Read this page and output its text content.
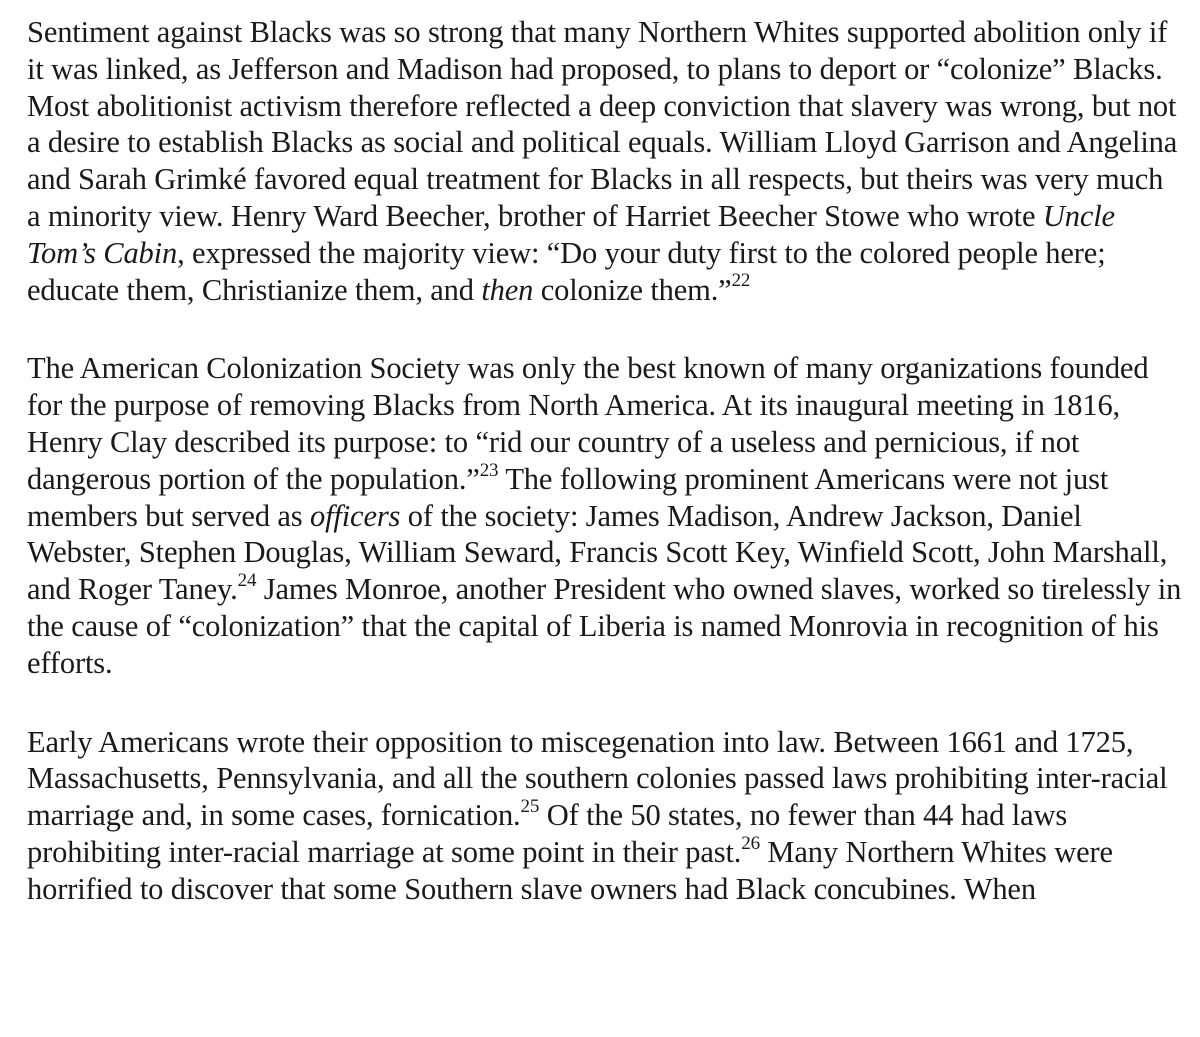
Sentiment against Blacks was so strong that many Northern Whites supported abolition only if it was linked, as Jefferson and Madison had proposed, to plans to deport or “colonize” Blacks. Most abolitionist activism therefore reflected a deep conviction that slavery was wrong, but not a desire to establish Blacks as social and political equals. William Lloyd Garrison and Angelina and Sarah Grimké favored equal treatment for Blacks in all respects, but theirs was very much a minority view. Henry Ward Beecher, brother of Harriet Beecher Stowe who wrote Uncle Tom’s Cabin, expressed the majority view: “Do your duty first to the colored people here; educate them, Christianize them, and then colonize them.”$^{22}$

The American Colonization Society was only the best known of many organizations founded for the purpose of removing Blacks from North America. At its inaugural meeting in 1816, Henry Clay described its purpose: to “rid our country of a useless and pernicious, if not dangerous portion of the population.”$^{23}$ The following prominent Americans were not just members but served as officers of the society: James Madison, Andrew Jackson, Daniel Webster, Stephen Douglas, William Seward, Francis Scott Key, Winfield Scott, John Marshall, and Roger Taney.$^{24}$ James Monroe, another President who owned slaves, worked so tirelessly in the cause of “colonization” that the capital of Liberia is named Monrovia in recognition of his efforts.

Early Americans wrote their opposition to miscegenation into law. Between 1661 and 1725, Massachusetts, Pennsylvania, and all the southern colonies passed laws prohibiting inter-racial marriage and, in some cases, fornication.$^{25}$ Of the 50 states, no fewer than 44 had laws prohibiting inter-racial marriage at some point in their past.$^{26}$ Many Northern Whites were horrified to discover that some Southern slave owners had Black concubines. When
